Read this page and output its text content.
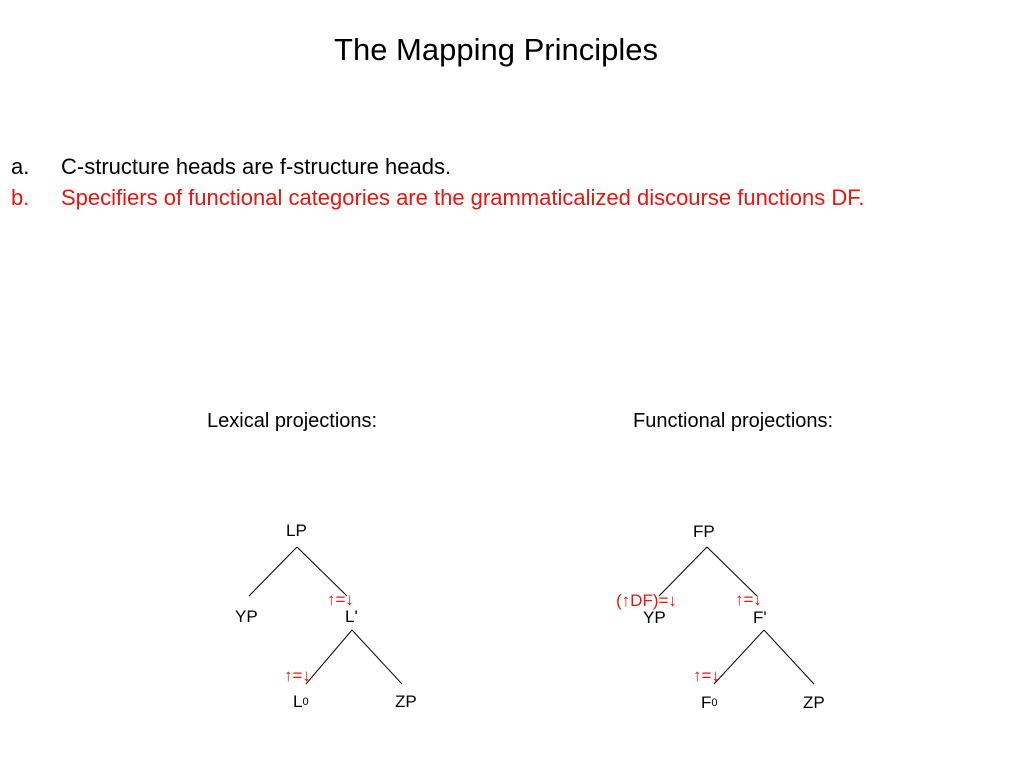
The Mapping Principles
a. C-structure heads are f-structure heads.
b. Specifiers of functional categories are the grammaticalized discourse functions DF.
Lexical projections:	Functional projections:
LP
YP	L'
↑=↓
↑=↓
$L^0$	ZP
FP
YP
(↑DF)=↓
F'
↑=↓
↑=↓
$F^0$	ZP
